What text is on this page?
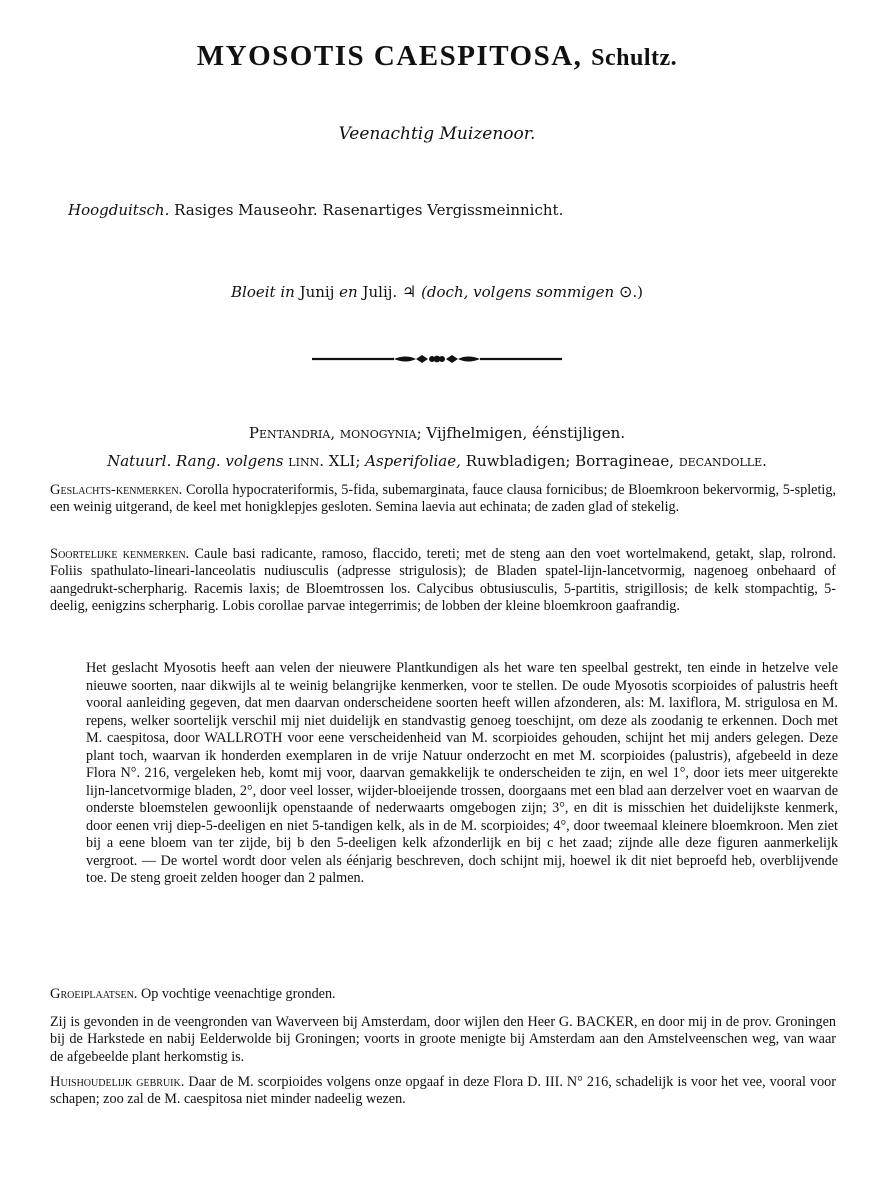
MYOSOTIS CAESPITOSA, Schultz.
Veenachtig Muizenoor.
Hoogduitsch. Rasiges Mauseohr. Rasenartiges Vergissmeinnicht.
Bloeit in Junij en Julij. ♃ (doch, volgens sommigen ⊙.)
Pentandria, monogynia; Vijfhelmigen, éénstijligen.
Natuurl. Rang. volgens linn. XLI; Asperifoliae, Ruwbladigen; Borragineae, decandolle.
Geslachts-kenmerken. Corolla hypocrateriformis, 5-fida, subemarginata, fauce clausa fornicibus; de Bloemkroon bekervormig, 5-spletig, een weinig uitgerand, de keel met honigklepjes gesloten. Semina laevia aut echinata; de zaden glad of stekelig.
Soortelijke kenmerken. Caule basi radicante, ramoso, flaccido, tereti; met de steng aan den voet wortelmakend, getakt, slap, rolrond. Foliis spathulato-lineari-lanceolatis nudiusculis (adpresse strigulosis); de Bladen spatel-lijn-lancetvormig, nagenoeg onbehaard of aangedrukt-scherpharig. Racemis laxis; de Bloemtrossen los. Calycibus obtusiusculis, 5-partitis, strigillosis; de kelk stompachtig, 5-deelig, eenigzins scherpharig. Lobis corollae parvae integerrimis; de lobben der kleine bloemkroon gaafrandig.
Het geslacht Myosotis heeft aan velen der nieuwere Plantkundigen als het ware ten speelbal gestrekt, ten einde in hetzelve vele nieuwe soorten, naar dikwijls al te weinig belangrijke kenmerken, voor te stellen. De oude Myosotis scorpioides of palustris heeft vooral aanleiding gegeven, dat men daarvan onderscheidene soorten heeft willen afzonderen, als: M. laxiflora, M. strigulosa en M. repens, welker soortelijk verschil mij niet duidelijk en standvastig genoeg toeschijnt, om deze als zoodanig te erkennen. Doch met M. caespitosa, door WALLROTH voor eene verscheidenheid van M. scorpioides gehouden, schijnt het mij anders gelegen. Deze plant toch, waarvan ik honderden exemplaren in de vrije Natuur onderzocht en met M. scorpioides (palustris), afgebeeld in deze Flora N°. 216, vergeleken heb, komt mij voor, daarvan gemakkelijk te onderscheiden te zijn, en wel 1°, door iets meer uitgerekte lijn-lancetvormige bladen, 2°, door veel losser, wijder-bloeijende trossen, doorgaans met een blad aan derzelver voet en waarvan de onderste bloemstelen gewoonlijk openstaande of nederwaarts omgebogen zijn; 3°, en dit is misschien het duidelijkste kenmerk, door eenen vrij diep-5-deeligen en niet 5-tandigen kelk, als in de M. scorpioides; 4°, door tweemaal kleinere bloemkroon. Men ziet bij a eene bloem van ter zijde, bij b den 5-deeligen kelk afzonderlijk en bij c het zaad; zijnde alle deze figuren aanmerkelijk vergroot. — De wortel wordt door velen als éénjarig beschreven, doch schijnt mij, hoewel ik dit niet beproefd heb, overblijvende toe. De steng groeit zelden hooger dan 2 palmen.
Groeiplaatsen. Op vochtige veenachtige gronden.
Zij is gevonden in de veengronden van Waverveen bij Amsterdam, door wijlen den Heer G. BACKER, en door mij in de prov. Groningen bij de Harkstede en nabij Eelderwolde bij Groningen; voorts in groote menigte bij Amsterdam aan den Amstelveenschen weg, van waar de afgebeelde plant herkomstig is.
Huishoudelijk gebruik. Daar de M. scorpioides volgens onze opgaaf in deze Flora D. III. N° 216, schadelijk is voor het vee, vooral voor schapen; zoo zal de M. caespitosa niet minder nadeelig wezen.
